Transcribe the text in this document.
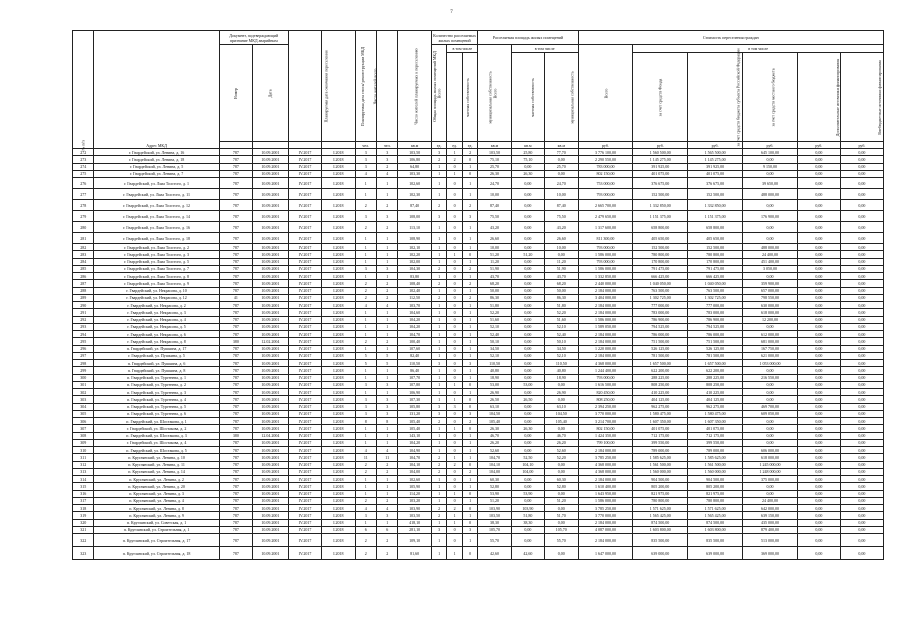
7
№ п/п	Адрес МКД	Документ, подтверждающий признание МКД аварийным		Планируемая дата окончания переселения	Планируемая дата сноса/ реконструкции МКД	Число жителей всего	Число жителей планируемых к переселению	Общая площадь жилых помещений МКД	Количество расселяемых жилых помещений			Расселяемая площадь жилых помещений			Стоимость переселения граждан					
		Номер	Дата						Всего	в том числе		Всего	в том числе		Всего	в том числе				
										частная собственность	муниципальная собственность		частная собственность	муниципальная собственность		за счет средств Фонда	за счет средств бюджета субъекта Российской Федерации	за счет средств местного бюджета	Дополнительные источники финансирования	Внебюджетные источники финансирования
						чел.	чел.	кв.м	ед.	ед.	ед.	кв.м	кв.м	кв.м	руб.	руб.	руб.	руб.	руб.	руб.
272	г. Гвардейский, ул. Ленина, д. 16	787	10.09.2001	IV.2017	I.2018	3	3	103,50	3	1	2	103,50	25,80	77,70	3 776 100,00	1 560 500,00	1 565 500,00	645 100,00	0,00	0,00
273	г. Гвардейский, ул. Ленина, д. 18	787	10.09.2001	IV.2017	I.2018	3	3	106,80	2	2	0	75,10	75,10	0,00	2 290 550,00	1 145 275,00	1 145 275,00	0,00	0,00	0,00
274	г. Гвардейский, ул. Ленина, д. 5	787	10.09.2001	IV.2017	I.2018	3	2	64,80	1	0	1	25,70	0,00	25,70	783 000,00	391 925,00	391 925,00	9 150,00	0,00	0,00
275	г. Гвардейский, ул. Ленина, д. 7	787	10.09.2001	IV.2017	I.2018	4	4	103,30	1	1	0	26,30	26,30	0,00	802 150,00	401 075,00	401 075,00	0,00	0,00	0,00
276	г. Гвардейский, ул. Льва Толстого, д. 1	787	10.09.2001	IV.2017	I.2018	1	1	102,60	1	0	1	24,70	0,00	24,70	753 000,00	376 675,00	376 675,00	39 650,00	0,00	0,00
277	г. Гвардейский, ул. Льва Толстого, д. 11	787	10.09.2001	IV.2017	I.2018	1	1	102,30	1	0	1	10,00	0,00	10,00	793 000,00	152 500,00	152 500,00	488 000,00	0,00	0,00
278	г. Гвардейский, ул. Льва Толстого, д. 12	787	10.09.2001	IV.2017	I.2018	2	2	87,40	2	0	2	87,40	0,00	87,40	2 665 700,00	1 332 850,00	1 332 850,00	0,00	0,00	0,00
279	г. Гвардейский, ул. Льва Толстого, д. 14	787	10.09.2001	IV.2017	I.2018	3	3	108,00	3	0	3	75,50	0,00	75,50	2 479 650,00	1 151 375,00	1 151 375,00	176 900,00	0,00	0,00
280	г. Гвардейский, ул. Льва Толстого, д. 16	787	10.09.2001	IV.2017	I.2018	2	2	113,10	1	0	1	43,20	0,00	43,20	1 317 600,00	658 800,00	658 800,00	0,00	0,00	0,00
281	г. Гвардейский, ул. Льва Толстого, д. 18	787	10.09.2001	IV.2017	I.2018	1	1	108,90	1	0	1	26,60	0,00	26,60	811 300,00	405 650,00	405 650,00	0,00	0,00	0,00
282	г. Гвардейский, ул. Льва Толстого, д. 2	787	10.09.2001	IV.2017	I.2018	1	1	102,10	1	0	1	10,00	0,00	10,00	793 000,00	152 500,00	152 500,00	488 000,00	0,00	0,00
283	г. Гвардейский, ул. Льва Толстого, д. 3	787	10.09.2001	IV.2017	I.2018	1	1	102,20	1	1	0	51,20	51,20	0,00	1 586 000,00	780 800,00	780 800,00	24 400,00	0,00	0,00
284	г. Гвардейский, ул. Льва Толстого, д. 5	787	10.09.2001	IV.2017	I.2018	1	1	102,00	1	0	1	11,20	0,00	11,20	793 000,00	170 800,00	170 800,00	451 400,00	0,00	0,00
285	г. Гвардейский, ул. Льва Толстого, д. 7	787	10.09.2001	IV.2017	I.2018	3	3	104,30	2	0	2	51,90	0,00	51,90	1 586 000,00	791 475,00	791 475,00	3 050,00	0,00	0,00
286	г. Гвардейский, ул. Льва Толстого, д. 8	787	10.09.2001	IV.2017	I.2018	1	1	83,80	1	0	1	43,70	0,00	43,70	1 332 850,00	666 425,00	666 425,00	0,00	0,00	0,00
287	г. Гвардейский, ул. Льва Толстого, д. 9	787	10.09.2001	IV.2017	I.2018	2	2	108,40	2	0	2	68,20	0,00	68,20	2 440 000,00	1 040 050,00	1 040 050,00	359 900,00	0,00	0,00
288	г. Гвардейский, ул. Некрасова, д. 10	787	10.09.2001	IV.2017	I.2018	2	2	102,40	1	0	1	50,00	0,00	50,00	2 184 000,00	763 500,00	763 500,00	657 000,00	0,00	0,00
289	г. Гвардейский, ул. Некрасова, д. 12	41	10.09.2001	IV.2017	I.2018	2	2	112,50	2	0	2	86,30	0,00	86,30	3 404 000,00	1 302 725,00	1 302 725,00	798 550,00	0,00	0,00
290	г. Гвардейский, ул. Некрасова, д. 2	787	10.09.2001	IV.2017	I.2018	4	4	103,70	1	0	1	51,80	0,00	51,80	2 184 000,00	777 000,00	777 000,00	630 000,00	0,00	0,00
291	г. Гвардейский, ул. Некрасова, д. 3	787	10.09.2001	IV.2017	I.2018	1	1	104,60	1	0	1	52,20	0,00	52,20	2 184 000,00	783 000,00	783 000,00	618 000,00	0,00	0,00
292	г. Гвардейский, ул. Некрасова, д. 4	787	10.09.2001	IV.2017	I.2018	1	1	104,20	1	0	1	51,60	0,00	51,60	1 586 000,00	786 900,00	786 900,00	12 200,00	0,00	0,00
293	г. Гвардейский, ул. Некрасова, д. 5	787	10.09.2001	IV.2017	I.2018	1	1	104,20	1	0	1	52,10	0,00	52,10	1 589 050,00	794 525,00	794 525,00	0,00	0,00	0,00
294	г. Гвардейский, ул. Некрасова, д. 6	787	10.09.2001	IV.2017	I.2018	1	1	104,70	1	0	1	52,40	0,00	52,40	2 184 000,00	786 000,00	786 000,00	612 000,00	0,00	0,00
295	г. Гвардейский, ул. Некрасова, д. 8	380	12.02.2004	IV.2017	I.2018	2	2	100,40	1	0	1	50,10	0,00	50,10	2 184 000,00	751 500,00	751 500,00	681 000,00	0,00	0,00
296	п. Гвардейский, ул. Пушкина, д. 17	787	10.09.2001	IV.2017	I.2018	1	1	107,60	1	0	1	34,50	0,00	34,50	1 220 000,00	526 125,00	526 125,00	167 750,00	0,00	0,00
297	г. Гвардейский, ул. Пушкина, д. 5	787	10.09.2001	IV.2017	I.2018	5	5	82,40	1	0	1	52,10	0,00	52,10	2 184 000,00	781 500,00	781 500,00	621 000,00	0,00	0,00
298	п. Гвардейский, ул. Пушкина, д. 6	787	10.09.2001	IV.2017	I.2018	5	5	110,50	3	0	3	110,50	0,00	110,50	4 368 000,00	1 657 500,00	1 657 500,00	1 053 000,00	0,00	0,00
299	п. Гвардейский, ул. Пушкина, д. 8	787	10.09.2001	IV.2017	I.2018	1	1	86,40	1	0	1	40,80	0,00	40,80	1 244 400,00	622 200,00	622 200,00	0,00	0,00	0,00
300	п. Гвардейский, ул. Тургенева, д. 1	787	10.09.2001	IV.2017	I.2018	1	1	107,70	1	0	1	18,90	0,00	18,90	793 000,00	288 225,00	288 225,00	216 550,00	0,00	0,00
301	п. Гвардейский, ул. Тургенева, д. 2	787	10.09.2001	IV.2017	I.2018	3	3	107,80	1	1	0	53,00	53,00	0,00	1 616 500,00	808 250,00	808 250,00	0,00	0,00	0,00
302	п. Гвардейский, ул. Тургенева, д. 3	787	10.09.2001	IV.2017	I.2018	1	1	106,90	1	0	1	26,90	0,00	26,90	820 450,00	410 225,00	410 225,00	0,00	0,00	0,00
303	п. Гвардейский, ул. Тургенева, д. 4	787	10.09.2001	IV.2017	I.2018	3	3	107,30	1	1	0	26,50	26,50	0,00	808 250,00	404 125,00	404 125,00	0,00	0,00	0,00
304	п. Гвардейский, ул. Тургенева, д. 5	787	10.09.2001	IV.2017	I.2018	3	3	105,80	3	3	0	63,10	0,00	63,10	2 394 250,00	962 275,00	962 275,00	469 700,00	0,00	0,00
305	п. Гвардейский, ул. Тургенева, д. 6	787	10.09.2001	IV.2017	I.2018	3	3	131,20	3	0	3	104,50	0,00	104,50	3 770 000,00	1 580 475,00	1 580 475,00	609 050,00	0,00	0,00
306	п. Гвардейский, ул. Шостакова, д. 1	787	10.09.2001	IV.2017	I.2018	8	8	105,40	2	0	2	105,40	0,00	105,40	3 214 700,00	1 607 350,00	1 607 350,00	0,00	0,00	0,00
307	г. Гвардейский, ул. Шостакова, д. 2	787	10.09.2001	IV.2017	I.2018	1	1	105,40	1	1	0	26,30	26,30	0,00	802 150,00	401 075,00	401 075,00	0,00	0,00	0,00
308	п. Гвардейский, ул. Шостакова, д. 3	380	12.04.2004	IV.2017	I.2018	1	1	143,10	1	0	1	46,70	0,00	46,70	1 424 350,00	712 175,00	712 175,00	0,00	0,00	0,00
309	г. Гвардейский, ул. Шостакова, д. 4	787	10.09.2001	IV.2017	I.2018	1	1	104,20	1	0	1	26,20	0,00	26,20	799 100,00	399 550,00	399 550,00	0,00	0,00	0,00
310	п. Гвардейский, ул. Шостакова, д. 5	787	10.09.2001	IV.2017	I.2018	4	4	104,90	1	0	1	52,60	0,00	52,60	2 184 000,00	789 000,00	789 000,00	606 000,00	0,00	0,00
311	п. Круглянский, ул. Ленина, д. 10	787	10.09.2001	IV.2017	I.2018	11	11	104,70	2	1	1	104,70	52,50	52,20	3 785 250,00	1 585 625,00	1 585 625,00	618 000,00	0,00	0,00
312	п. Круглянский, ул. Ленина, д. 11	787	10.09.2001	IV.2017	I.2018	2	2	104,10	2	2	0	104,10	104,10	0,00	4 368 000,00	1 561 500,00	1 561 500,00	1 245 000,00	0,00	0,00
313	п. Круглянский, ул. Ленина, д. 14	787	10.09.2001	IV.2017	I.2018	2	2	104,00	2	0	2	104,00	104,00	0,00	4 368 000,00	1 560 000,00	1 560 000,00	1 248 000,00	0,00	0,00
314	п. Круглянский, ул. Ленина, д. 2	787	10.09.2001	IV.2017	I.2018	1	1	102,60	1	0	1	60,30	0,00	60,30	2 184 000,00	904 500,00	904 500,00	375 000,00	0,00	0,00
315	п. Круглянский, ул. Ленина, д. 20	787	10.09.2001	IV.2017	I.2018	1	1	105,90	1	0	1	52,80	0,00	52,80	1 610 400,00	805 200,00	805 200,00	0,00	0,00	0,00
316	п. Круглянский, ул. Ленина, д. 3	787	10.09.2001	IV.2017	I.2018	1	1	114,20	1	1	0	53,90	53,90	0,00	1 643 950,00	821 975,00	821 975,00	0,00	0,00	0,00
317	п. Круглянский, ул. Ленина, д. 4	787	10.09.2001	IV.2017	I.2018	2	2	103,20	1	0	1	51,20	0,00	51,20	1 586 000,00	780 800,00	780 800,00	24 400,00	0,00	0,00
318	п. Круглянский, ул. Ленина, д. 8	787	10.09.2001	IV.2017	I.2018	4	4	103,90	2	2	0	103,90	103,90	0,00	3 785 250,00	1 571 625,00	1 571 625,00	642 000,00	0,00	0,00
319	п. Круглянский, ул. Ленина, д. 9	787	10.09.2001	IV.2017	I.2018	3	3	103,50	2	1	1	103,50	51,80	51,70	3 770 000,00	1 565 425,00	1 565 425,00	639 150,00	0,00	0,00
320	п. Круглянский, ул. Советская, д. 1	787	10.09.2001	IV.2017	I.2018	1	1	418,10	1	1	0	38,30	38,30	0,00	2 184 000,00	874 500,00	874 500,00	435 000,00	0,00	0,00
321	п. Круглянский, ул. Строительная, д. 1	787	10.09.2001	IV.2017	I.2018	6	6	281,10	3	0	3	105,70	0,00	105,70	4 087 000,00	1 603 800,00	1 603 800,00	879 400,00	0,00	0,00
322	п. Круглянский, ул. Строительная, д. 17	787	10.09.2001	IV.2017	I.2018	2	2	109,10	1	0	1	55,70	0,00	55,70	2 184 000,00	835 500,00	835 500,00	513 000,00	0,00	0,00
323	п. Круглянский, ул. Строительная, д. 18	787	10.09.2001	IV.2017	I.2018	2	2	81,60	1	1	0	42,60	42,60	0,00	1 647 000,00	639 000,00	639 000,00	369 000,00	0,00	0,00
